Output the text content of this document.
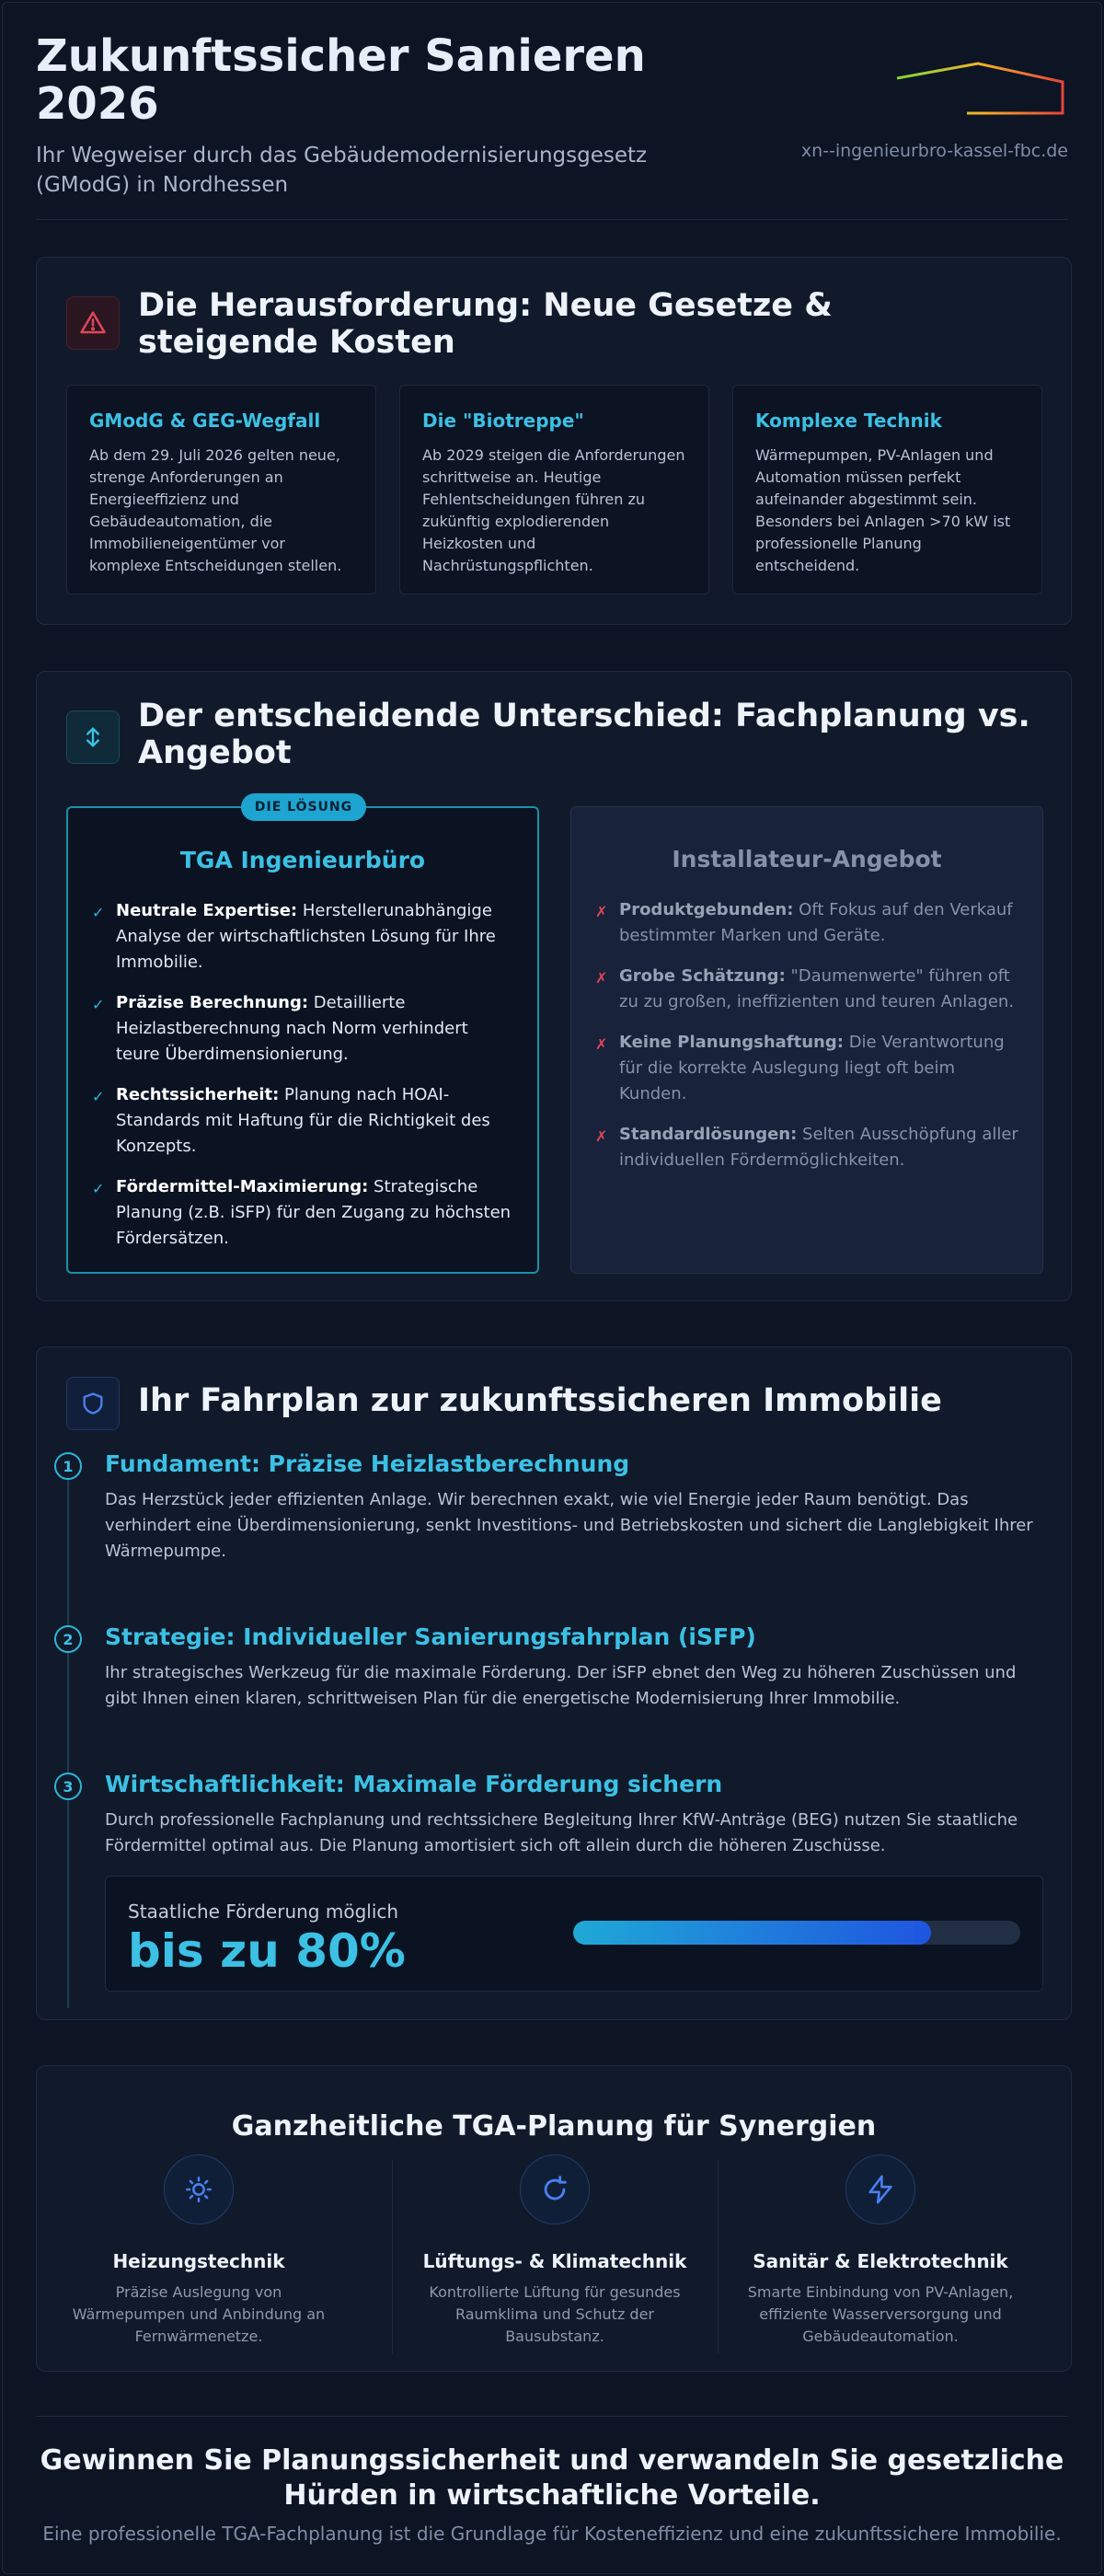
Zukunftssicher Sanieren 2026
Ihr Wegweiser durch das Gebäudemodernisierungsgesetz (GModG) in Nordhessen
xn--ingenieurbro-kassel-fbc.de
Die Herausforderung: Neue Gesetze & steigende Kosten
GModG & GEG-Wegfall
Ab dem 29. Juli 2026 gelten neue, strenge Anforderungen an Energieeffizienz und Gebäudeautomation, die Immobilieneigentümer vor komplexe Entscheidungen stellen.
Die "Biotreppe"
Ab 2029 steigen die Anforderungen schrittweise an. Heutige Fehlentscheidungen führen zu zukünftig explodierenden Heizkosten und Nachrüstungspflichten.
Komplexe Technik
Wärmepumpen, PV-Anlagen und Automation müssen perfekt aufeinander abgestimmt sein. Besonders bei Anlagen >70 kW ist professionelle Planung entscheidend.
Der entscheidende Unterschied: Fachplanung vs. Angebot
DIE LÖSUNG
TGA Ingenieurbüro
✓ Neutrale Expertise: Herstellerunabhängige Analyse der wirtschaftlichsten Lösung für Ihre Immobilie.
✓ Präzise Berechnung: Detaillierte Heizlastberechnung nach Norm verhindert teure Überdimensionierung.
✓ Rechtssicherheit: Planung nach HOAI-Standards mit Haftung für die Richtigkeit des Konzepts.
✓ Fördermittel-Maximierung: Strategische Planung (z.B. iSFP) für den Zugang zu höchsten Fördersätzen.
Installateur-Angebot
✗ Produktgebunden: Oft Fokus auf den Verkauf bestimmter Marken und Geräte.
✗ Grobe Schätzung: "Daumenwerte" führen oft zu zu großen, ineffizienten und teuren Anlagen.
✗ Keine Planungshaftung: Die Verantwortung für die korrekte Auslegung liegt oft beim Kunden.
✗ Standardlösungen: Selten Ausschöpfung aller individuellen Fördermöglichkeiten.
Ihr Fahrplan zur zukunftssicheren Immobilie
1	Fundament: Präzise Heizlastberechnung
Das Herzstück jeder effizienten Anlage. Wir berechnen exakt, wie viel Energie jeder Raum benötigt. Das verhindert eine Überdimensionierung, senkt Investitions- und Betriebskosten und sichert die Langlebigkeit Ihrer Wärmepumpe.
2	Strategie: Individueller Sanierungsfahrplan (iSFP)
Ihr strategisches Werkzeug für die maximale Förderung. Der iSFP ebnet den Weg zu höheren Zuschüssen und gibt Ihnen einen klaren, schrittweisen Plan für die energetische Modernisierung Ihrer Immobilie.
3	Wirtschaftlichkeit: Maximale Förderung sichern
Durch professionelle Fachplanung und rechtssichere Begleitung Ihrer KfW-Anträge (BEG) nutzen Sie staatliche Fördermittel optimal aus. Die Planung amortisiert sich oft allein durch die höheren Zuschüsse.
Staatliche Förderung möglich
bis zu 80%
Ganzheitliche TGA-Planung für Synergien
Heizungstechnik
Präzise Auslegung von Wärmepumpen und Anbindung an Fernwärmenetze.
Lüftungs- & Klimatechnik
Kontrollierte Lüftung für gesundes Raumklima und Schutz der Bausubstanz.
Sanitär & Elektrotechnik
Smarte Einbindung von PV-Anlagen, effiziente Wasserversorgung und Gebäudeautomation.
Gewinnen Sie Planungssicherheit und verwandeln Sie gesetzliche Hürden in wirtschaftliche Vorteile.
Eine professionelle TGA-Fachplanung ist die Grundlage für Kosteneffizienz und eine zukunftssichere Immobilie.
